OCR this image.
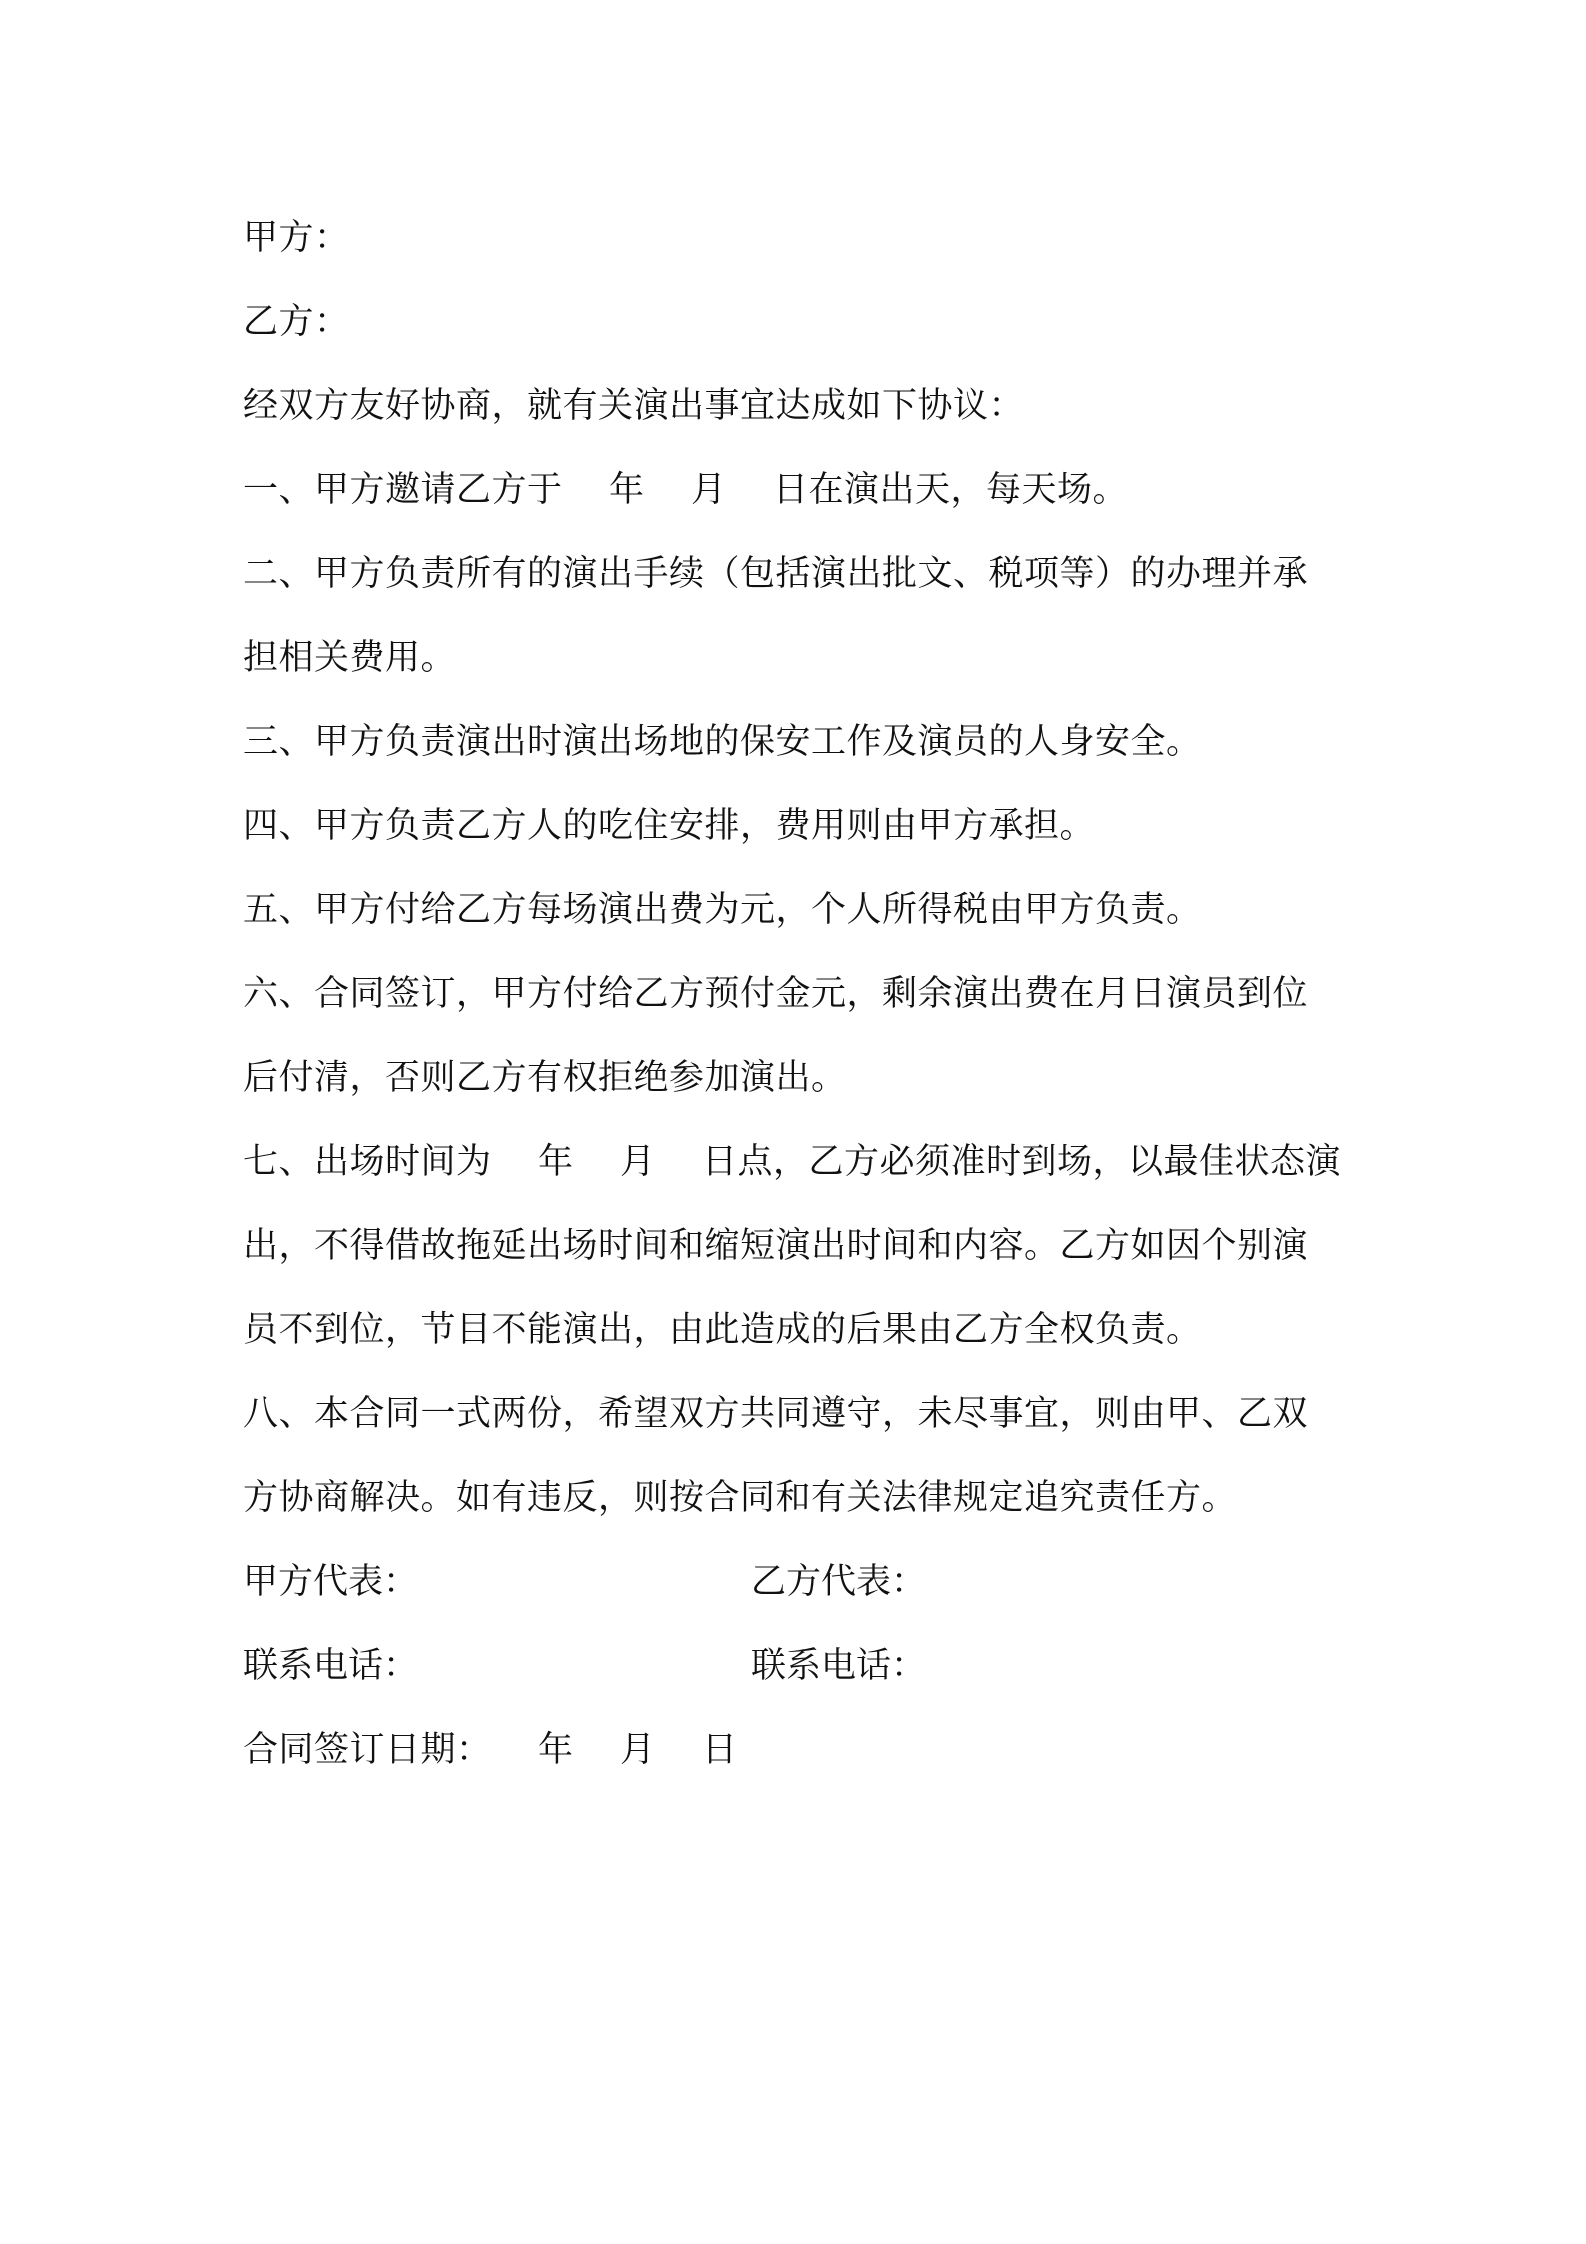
甲方：
乙方：
经双方友好协商，就有关演出事宜达成如下协议：
一、甲方邀请乙方于    年    月    日在演出天，每天场。
二、甲方负责所有的演出手续（包括演出批文、税项等）的办理并承
担相关费用。
三、甲方负责演出时演出场地的保安工作及演员的人身安全。
四、甲方负责乙方人的吃住安排，费用则由甲方承担。
五、甲方付给乙方每场演出费为元，个人所得税由甲方负责。
六、合同签订，甲方付给乙方预付金元，剩余演出费在月日演员到位
后付清，否则乙方有权拒绝参加演出。
七、出场时间为    年    月    日点，乙方必须准时到场，以最佳状态演
出，不得借故拖延出场时间和缩短演出时间和内容。乙方如因个别演
员不到位，节目不能演出，由此造成的后果由乙方全权负责。
八、本合同一式两份，希望双方共同遵守，未尽事宜，则由甲、乙双
方协商解决。如有违反，则按合同和有关法律规定追究责任方。
甲方代表：	乙方代表：
联系电话：	联系电话：
合同签订日期：    年    月    日
